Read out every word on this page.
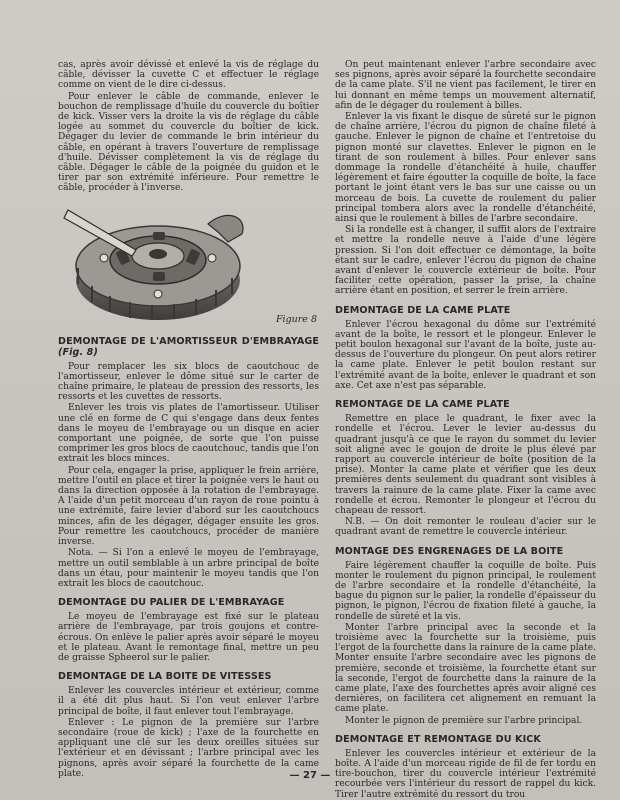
cas, après avoir dévissé et enlevé la vis de réglage du câble, dévisser la cuvette C et effectuer le réglage comme on vient de le dire ci-dessus.

Pour enlever le câble de commande, enlever le bouchon de remplissage d'huile du couvercle du boîtier de kick. Visser vers la droite la vis de réglage du câble logée au sommet du couvercle du boîtier de kick. Dégager du levier de commande le brin intérieur du câble, en opérant à travers l'ouverture de remplissage d'huile. Dévisser complètement la vis de réglage du câble. Dégager le câble de la poignée du guidon et le tirer par son extrémité inférieure. Pour remettre le câble, procéder à l'inverse.

Figure 8
DEMONTAGE DE L'AMORTISSEUR D'EMBRAYAGE (Fig. 8)

Pour remplacer les six blocs de caoutchouc de l'amortisseur, enlever le dôme situé sur le carter de chaîne primaire, le plateau de pression des ressorts, les ressorts et les cuvettes de ressorts.

Enlever les trois vis plates de l'amortisseur. Utiliser une clé en forme de C qui s'engage dans deux fentes dans le moyeu de l'embrayage ou un disque en acier comportant une poignée, de sorte que l'on puisse comprimer les gros blocs de caoutchouc, tandis que l'on extrait les blocs minces.

Pour cela, engager la prise, appliquer le frein arrière, mettre l'outil en place et tirer la poignée vers le haut ou dans la direction opposée à la rotation de l'embrayage. A l'aide d'un petit morceau d'un rayon de roue pointu à une extrémité, faire levier d'abord sur les caoutchoucs minces, afin de les dégager, dégager ensuite les gros. Pour remettre les caoutchoucs, procéder de manière inverse.

Nota. — Si l'on a enlevé le moyeu de l'embrayage, mettre un outil semblable à un arbre principal de boîte dans un étau, pour maintenir le moyeu tandis que l'on extrait les blocs de caoutchouc.

DEMONTAGE DU PALIER DE L'EMBRAYAGE

Le moyeu de l'embrayage est fixé sur le plateau arrière de l'embrayage, par trois goujons et contre-écrous. On enlève le palier après avoir séparé le moyeu et le plateau. Avant le remontage final, mettre un peu de graisse Spheerol sur le palier.

DEMONTAGE DE LA BOITE DE VITESSES

Enlever les couvercles intérieur et extérieur, comme il a été dit plus haut. Si l'on veut enlever l'arbre principal de boîte, il faut enlever tout l'embrayage.

Enlever : Le pignon de la première sur l'arbre secondaire (roue de kick) ; l'axe de la fourchette en appliquant une clé sur les deux oreilles situées sur l'extérieur et en dévissant ; l'arbre principal avec les pignons, après avoir séparé la fourchette de la came plate.

On peut maintenant enlever l'arbre secondaire avec ses pignons, après avoir séparé la fourchette secondaire de la came plate. S'il ne vient pas facilement, le tirer en lui donnant en même temps un mouvement alternatif, afin de le dégager du roulement à billes.

Enlever la vis fixant le disque de sûreté sur le pignon de chaîne arrière, l'écrou du pignon de chaîne fileté à gauche. Enlever le pignon de chaîne et l'entretoise du pignon monté sur clavettes. Enlever le pignon en le tirant de son roulement à billes. Pour enlever sans dommage la rondelle d'étanchéité à huile, chauffer légèrement et faire égoutter la coquille de boîte, la face portant le joint étant vers le bas sur une caisse ou un morceau de bois. La cuvette de roulement du palier principal tombera alors avec la rondelle d'étanchéité, ainsi que le roulement à billes de l'arbre secondaire.

Si la rondelle est à changer, il suffit alors de l'extraire et mettre la rondelle neuve à l'aide d'une légère pression. Si l'on doit effectuer ce démontage, la boîte étant sur le cadre, enlever l'écrou du pignon de chaîne avant d'enlever le couvercle extérieur de boîte. Pour faciliter cette opération, passer la prise, la chaîne arrière étant en position, et serrer le frein arrière.

DEMONTAGE DE LA CAME PLATE

Enlever l'écrou hexagonal du dôme sur l'extrémité avant de la boîte, le ressort et le plongeur. Enlever le petit boulon hexagonal sur l'avant de la boîte, juste au-dessus de l'ouverture du plongeur. On peut alors retirer la came plate. Enlever le petit boulon restant sur l'extrémité avant de la boîte, enlever le quadrant et son axe. Cet axe n'est pas séparable.

REMONTAGE DE LA CAME PLATE

Remettre en place le quadrant, le fixer avec la rondelle et l'écrou. Lever le levier au-dessus du quadrant jusqu'à ce que le rayon du sommet du levier soit aligné avec le goujon de droite le plus élevé par rapport au couvercle intérieur de boîte (position de la prise). Monter la came plate et vérifier que les deux premières dents seulement du quadrant sont visibles à travers la rainure de la came plate. Fixer la came avec rondelle et écrou. Remonter le plongeur et l'écrou du chapeau de ressort.

N.B. — On doit remonter le rouleau d'acier sur le quadrant avant de remettre le couvercle intérieur.

MONTAGE DES ENGRENAGES DE LA BOITE

Faire légèrement chauffer la coquille de boîte. Puis monter le roulement du pignon principal, le roulement de l'arbre secondaire et la rondelle d'étanchéité, la bague du pignon sur le palier, la rondelle d'épaisseur du pignon, le pignon, l'écrou de fixation fileté à gauche, la rondelle de sûreté et la vis.

Monter l'arbre principal avec la seconde et la troisième avec la fourchette sur la troisième, puis l'ergot de la fourchette dans la rainure de la came plate. Monter ensuite l'arbre secondaire avec les pignons de première, seconde et troisième, la fourchette étant sur la seconde, l'ergot de fourchette dans la rainure de la came plate, l'axe des fourchettes après avoir aligné ces dernières, on facilitera cet alignement en remuant la came plate.

Monter le pignon de première sur l'arbre principal.

DEMONTAGE ET REMONTAGE DU KICK

Enlever les couvercles intérieur et extérieur de la boîte. A l'aide d'un morceau rigide de fil de fer tordu en tire-bouchon, tirer du couvercle intérieur l'extrémité recourbée vers l'intérieur du ressort de rappel du kick. Tirer l'autre extrémité du ressort du trou

— 27 —
